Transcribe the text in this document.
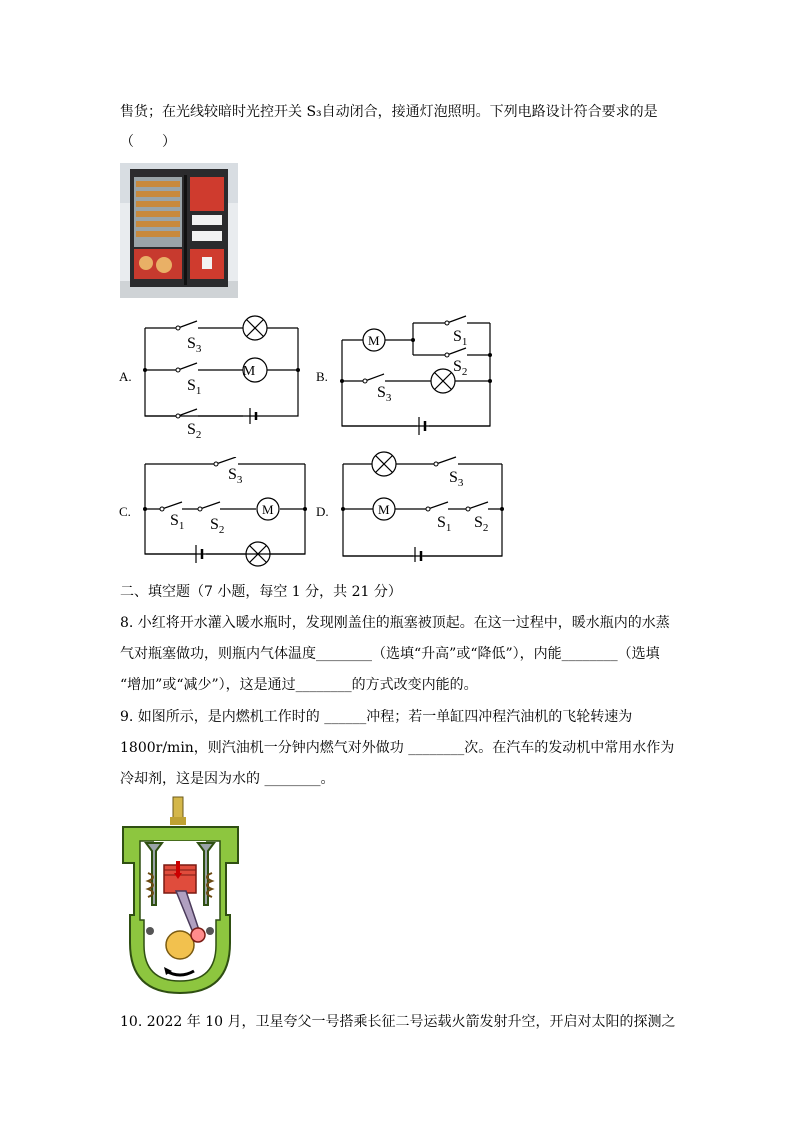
售货；在光线较暗时光控开关 S₃自动闭合，接通灯泡照明。下列电路设计符合要求的是
（　　）
M
$S_3$
$S_1$
$S_2$
A.
M	$S_1$
$S_2$
$S_3$
B.
M
$S_3$
$S_1$ $S_2$
C.	M
$S_3$
$S_1$ $S_2$
D.
二、填空题（7 小题，每空 1 分，共 21 分）
8. 小红将开水灌入暖水瓶时，发现刚盖住的瓶塞被顶起。在这一过程中，暖水瓶内的水蒸
气对瓶塞做功，则瓶内气体温度________（选填“升高”或“降低”），内能________（选填
“增加”或“减少”），这是通过________的方式改变内能的。
9. 如图所示，是内燃机工作时的 ______冲程；若一单缸四冲程汽油机的飞轮转速为
1800r/min，则汽油机一分钟内燃气对外做功 ________次。在汽车的发动机中常用水作为
冷却剂，这是因为水的 ________。
10. 2022 年 10 月，卫星夸父一号搭乘长征二号运载火箭发射升空，开启对太阳的探测之
